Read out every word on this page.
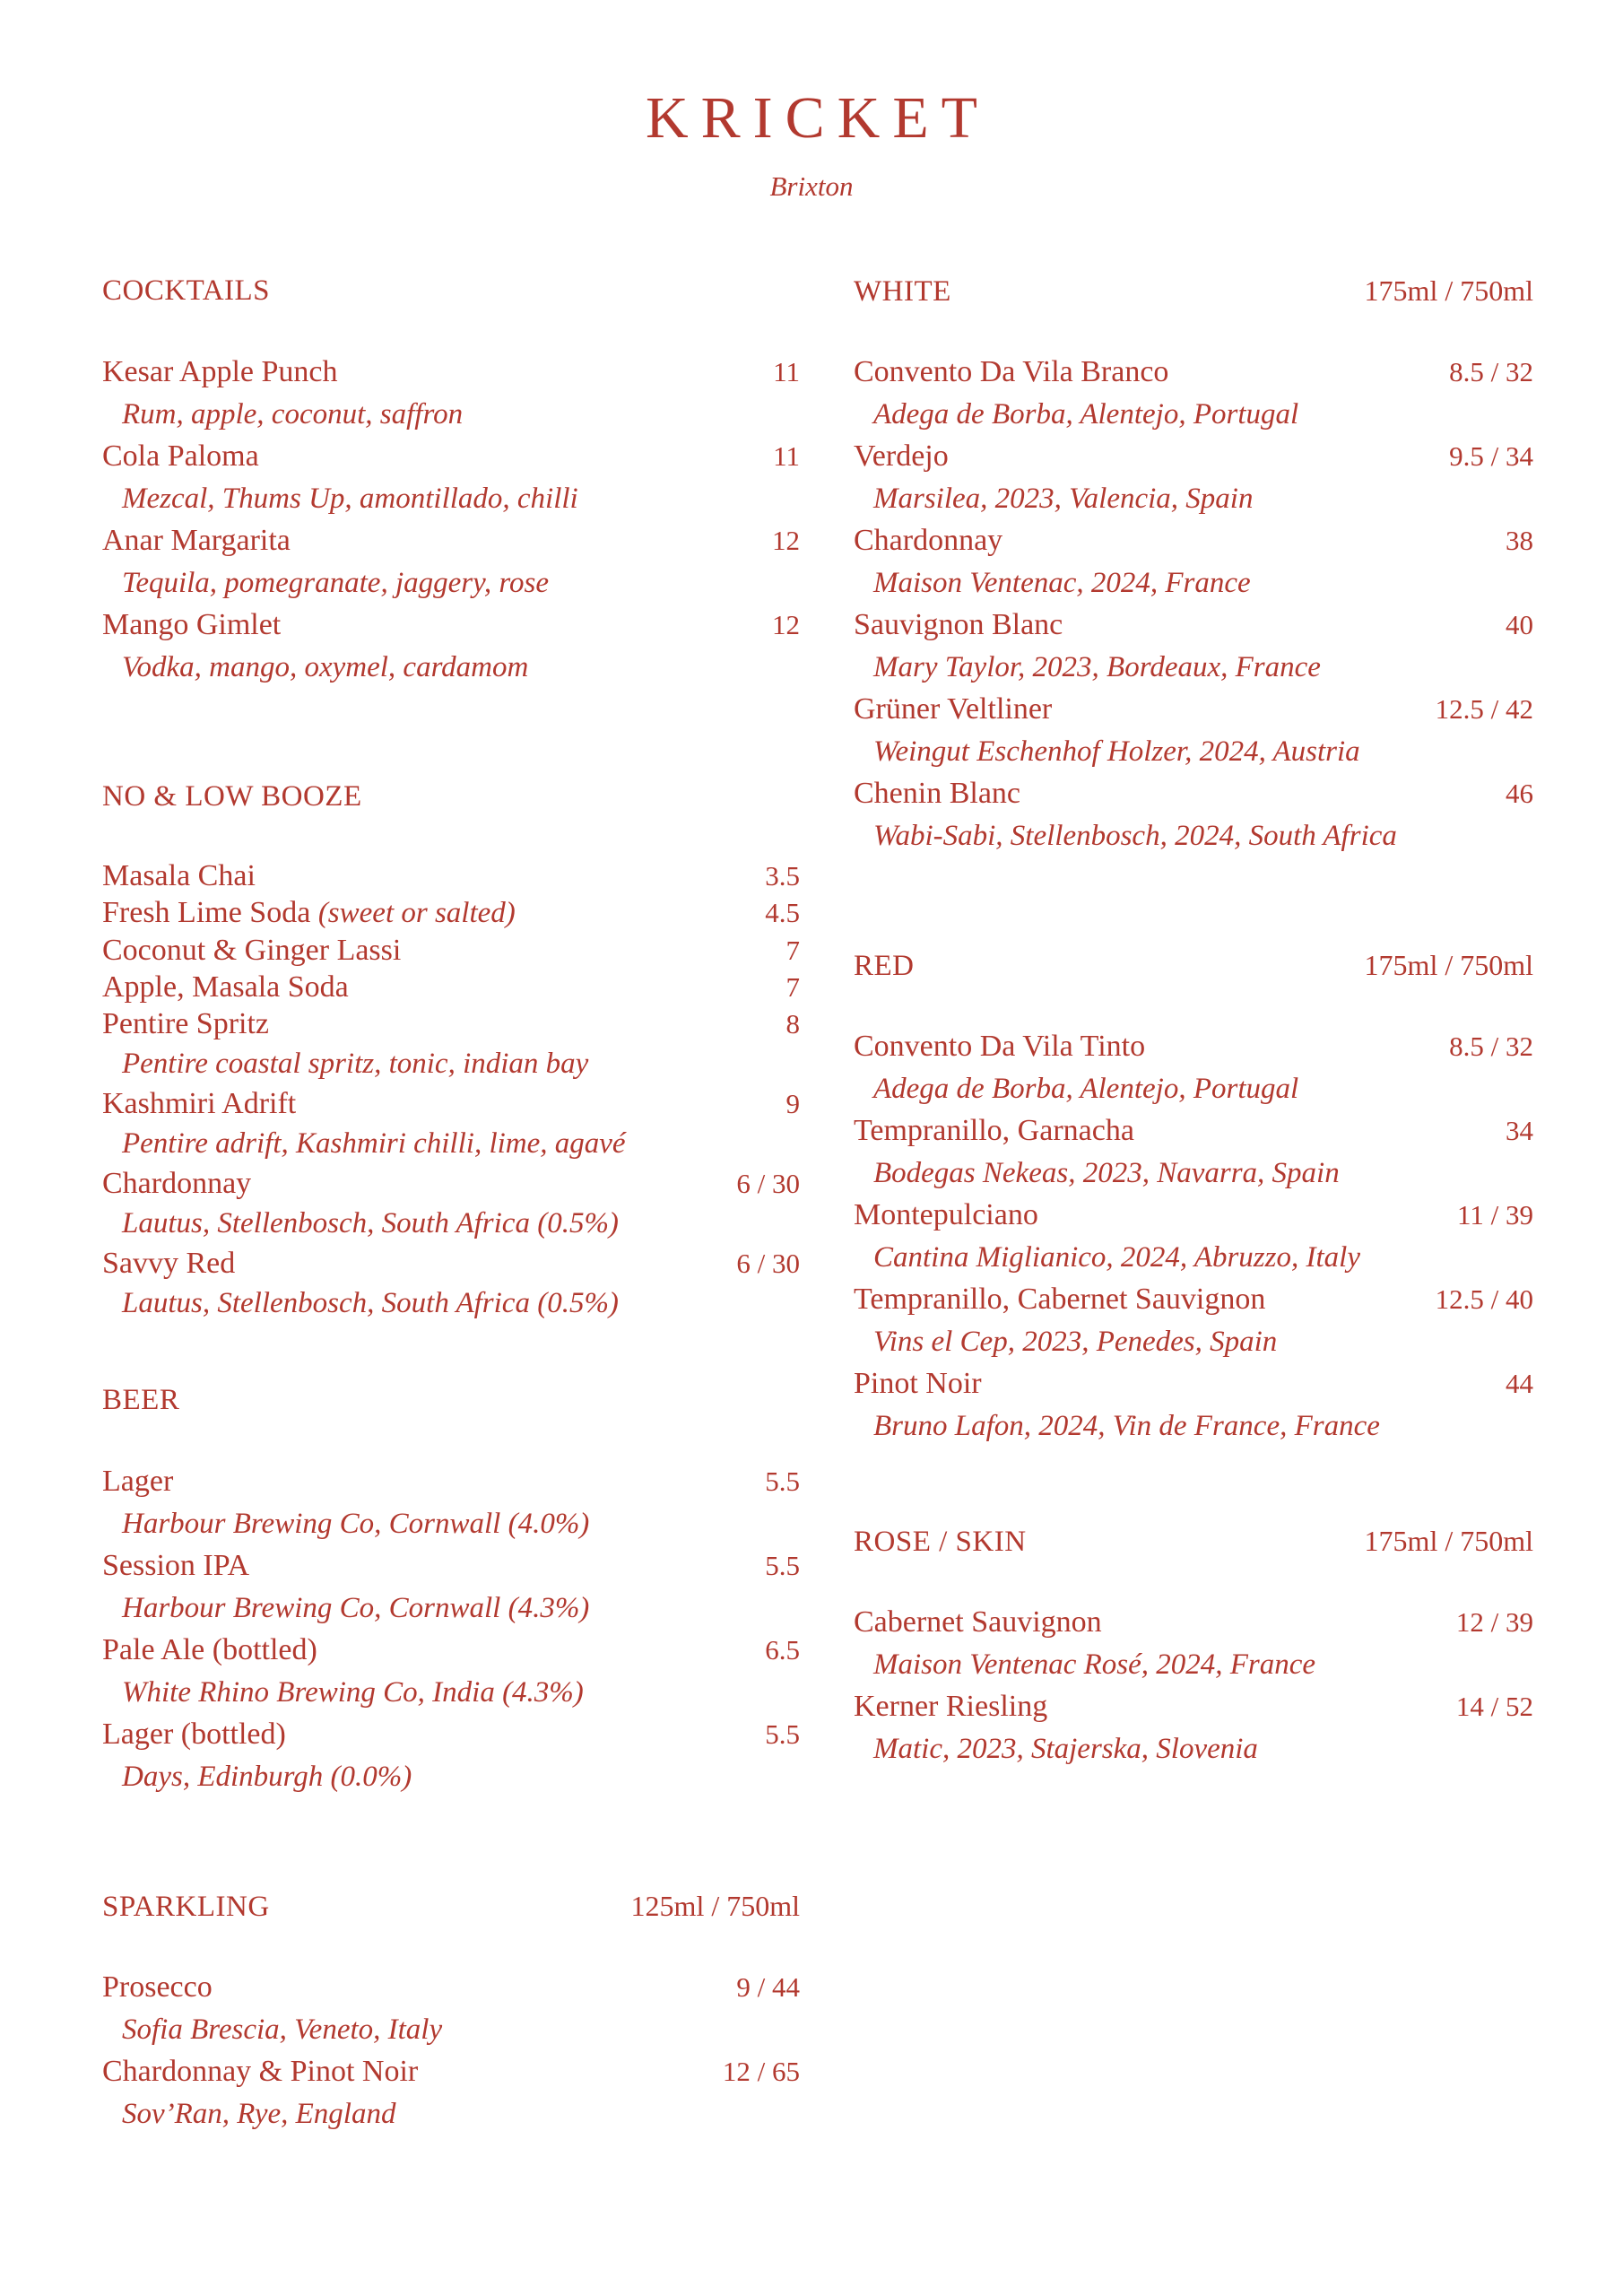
KRICKET
Brixton
COCKTAILS
Kesar Apple Punch	11
Rum, apple, coconut, saffron
Cola Paloma	11
Mezcal, Thums Up, amontillado, chilli
Anar Margarita	12
Tequila, pomegranate, jaggery, rose
Mango Gimlet	12
Vodka, mango, oxymel, cardamom
NO & LOW BOOZE
Masala Chai	3.5
Fresh Lime Soda (sweet or salted)	4.5
Coconut & Ginger Lassi	7
Apple, Masala Soda	7
Pentire Spritz	8
Pentire coastal spritz, tonic, indian bay
Kashmiri Adrift	9
Pentire adrift, Kashmiri chilli, lime, agavé
Chardonnay	6 / 30
Lautus, Stellenbosch, South Africa (0.5%)
Savvy Red	6 / 30
Lautus, Stellenbosch, South Africa (0.5%)
BEER
Lager	5.5
Harbour Brewing Co, Cornwall (4.0%)
Session IPA	5.5
Harbour Brewing Co, Cornwall (4.3%)
Pale Ale (bottled)	6.5
White Rhino Brewing Co, India (4.3%)
Lager (bottled)	5.5
Days, Edinburgh (0.0%)
SPARKLING	125ml / 750ml
Prosecco	9 / 44
Sofia Brescia, Veneto, Italy
Chardonnay & Pinot Noir	12 / 65
Sov’Ran, Rye, England
WHITE	175ml / 750ml
Convento Da Vila Branco	8.5 / 32
Adega de Borba, Alentejo, Portugal
Verdejo	9.5 / 34
Marsilea, 2023, Valencia, Spain
Chardonnay	38
Maison Ventenac, 2024, France
Sauvignon Blanc	40
Mary Taylor, 2023, Bordeaux, France
Grüner Veltliner	12.5 / 42
Weingut Eschenhof Holzer, 2024, Austria
Chenin Blanc	46
Wabi-Sabi, Stellenbosch, 2024, South Africa
RED	175ml / 750ml
Convento Da Vila Tinto	8.5 / 32
Adega de Borba, Alentejo, Portugal
Tempranillo, Garnacha	34
Bodegas Nekeas, 2023, Navarra, Spain
Montepulciano	11 / 39
Cantina Miglianico, 2024, Abruzzo, Italy
Tempranillo, Cabernet Sauvignon	12.5 / 40
Vins el Cep, 2023, Penedes, Spain
Pinot Noir	44
Bruno Lafon, 2024, Vin de France, France
ROSE / SKIN	175ml / 750ml
Cabernet Sauvignon	12 / 39
Maison Ventenac Rosé, 2024, France
Kerner Riesling	14 / 52
Matic, 2023, Stajerska, Slovenia
